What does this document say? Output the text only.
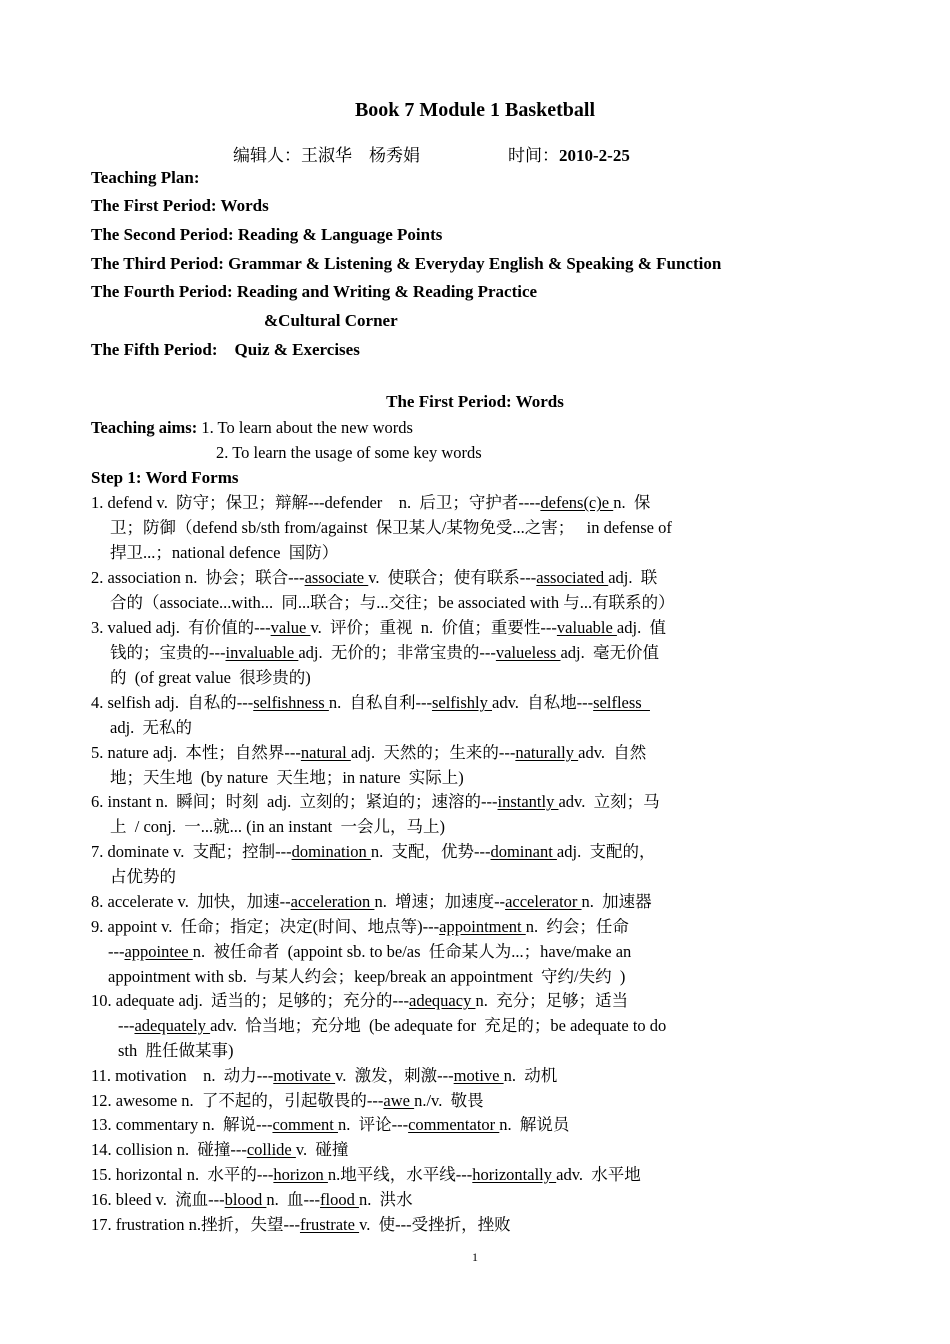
Book 7 Module 1 Basketball
编辑人：王淑华    杨秀娟	时间：2010-2-25
Teaching Plan:
The First Period: Words
The Second Period: Reading & Language Points
The Third Period: Grammar & Listening & Everyday English & Speaking & Function
The Fourth Period: Reading and Writing & Reading Practice
&Cultural Corner
The Fifth Period:    Quiz & Exercises
The First Period: Words
Teaching aims: 1. To learn about the new words
2. To learn the usage of some key words
Step 1: Word Forms
1. defend v.  防守；保卫；辩解---defender    n.  后卫；守护者----defens(c)e n.  保
卫；防御（defend sb/sth from/against  保卫某人/某物免受...之害；   in defense of
捍卫...；national defence  国防）
2. association n.  协会；联合---associate v.  使联合；使有联系---associated adj.  联
合的（associate...with...  同...联合；与...交往；be associated with 与...有联系的）
3. valued adj.  有价值的---value v.  评价；重视  n.  价值；重要性---valuable adj.  值
钱的；宝贵的---invaluable adj.  无价的；非常宝贵的---valueless adj.  毫无价值
的  (of great value  很珍贵的)
4. selfish adj.  自私的---selfishness n.  自私自利---selfishly adv.  自私地---selfless
adj.  无私的
5. nature adj.  本性；自然界---natural adj.  天然的；生来的---naturally adv.  自然
地；天生地  (by nature  天生地；in nature  实际上)
6. instant n.  瞬间；时刻  adj.  立刻的；紧迫的；速溶的---instantly adv.  立刻；马
上  / conj.  一...就... (in an instant  一会儿，马上)
7. dominate v.  支配；控制---domination n.  支配，优势---dominant adj.  支配的，
占优势的
8. accelerate v.  加快，加速--acceleration n.  增速；加速度--accelerator n.  加速器
9. appoint v.  任命；指定；决定(时间、地点等)---appointment n.  约会；任命
---appointee n.  被任命者  (appoint sb. to be/as  任命某人为...；have/make an
appointment with sb.  与某人约会；keep/break an appointment  守约/失约  )
10. adequate adj.  适当的；足够的；充分的---adequacy n.  充分；足够；适当
---adequately adv.  恰当地；充分地  (be adequate for  充足的；be adequate to do
sth  胜任做某事)
11. motivation    n.  动力---motivate v.  激发，刺激---motive n.  动机
12. awesome n.  了不起的，引起敬畏的---awe n./v.  敬畏
13. commentary n.  解说---comment n.  评论---commentator n.  解说员
14. collision n.  碰撞---collide v.  碰撞
15. horizontal n.  水平的---horizon n.地平线，水平线---horizontally adv.  水平地
16. bleed v.  流血---blood n.  血---flood n.  洪水
17. frustration n.挫折，失望---frustrate v.  使---受挫折，挫败
1
